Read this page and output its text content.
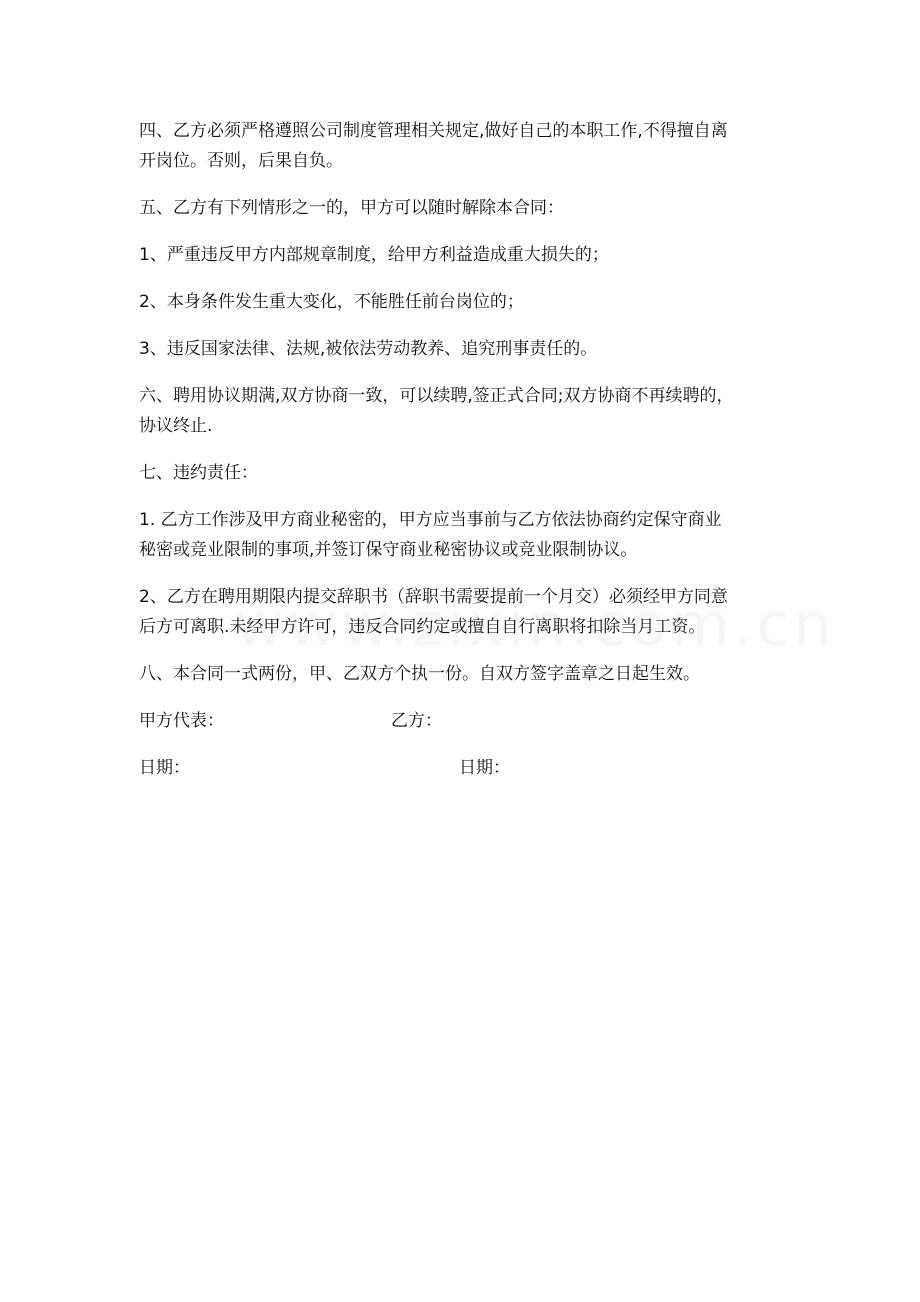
四、乙方必须严格遵照公司制度管理相关规定,做好自己的本职工作,不得擅自离
开岗位。否则，后果自负。

五、乙方有下列情形之一的，甲方可以随时解除本合同：

1、严重违反甲方内部规章制度，给甲方利益造成重大损失的；

2、本身条件发生重大变化，不能胜任前台岗位的；

3、违反国家法律、法规,被依法劳动教养、追究刑事责任的。

六、聘用协议期满,双方协商一致，可以续聘,签正式合同;双方协商不再续聘的，
协议终止.

七、违约责任：

1. 乙方工作涉及甲方商业秘密的，甲方应当事前与乙方依法协商约定保守商业
秘密或竞业限制的事项,并签订保守商业秘密协议或竞业限制协议。

2、乙方在聘用期限内提交辞职书（辞职书需要提前一个月交）必须经甲方同意
后方可离职.未经甲方许可，违反合同约定或擅自自行离职将扣除当月工资。

八、本合同一式两份，甲、乙双方个执一份。自双方签字盖章之日起生效。

甲方代表：	乙方：
日期：	日期：
